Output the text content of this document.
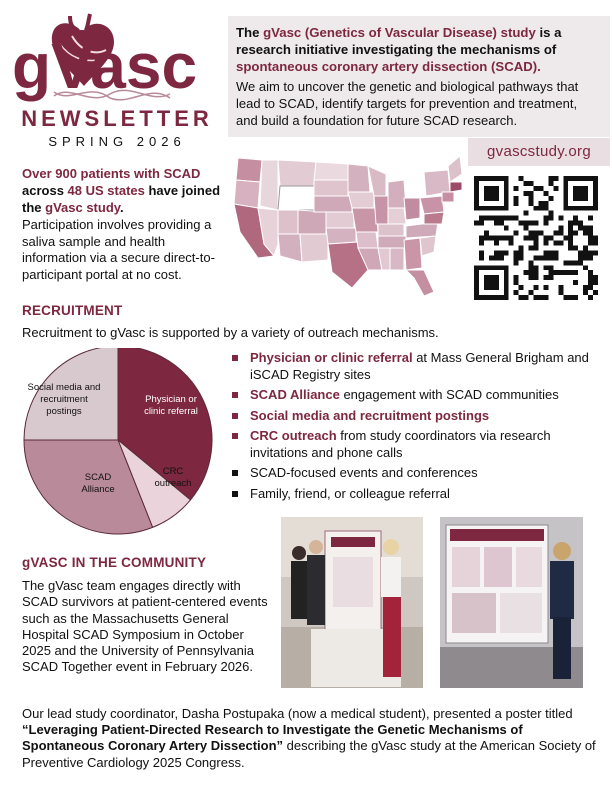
gVasc
NEWSLETTER
SPRING 2026
The gVasc (Genetics of Vascular Disease) study is a research initiative investigating the mechanisms of spontaneous coronary artery dissection (SCAD).
We aim to uncover the genetic and biological pathways that lead to SCAD, identify targets for prevention and treatment, and build a foundation for future SCAD research.
gvascstudy.org
Over 900 patients with SCAD across 48 US states have joined the gVasc study.
Participation involves providing a saliva sample and health information via a secure direct-to-participant portal at no cost.
RECRUITMENT
Recruitment to gVasc is supported by a variety of outreach mechanisms.
Physician or clinic referral
CRC outreach
SCAD Alliance
Social media and recruitment postings
Physician or clinic referral at Mass General Brigham and iSCAD Registry sites
SCAD Alliance engagement with SCAD communities
Social media and recruitment postings
CRC outreach from study coordinators via research invitations and phone calls
SCAD-focused events and conferences
Family, friend, or colleague referral
gVASC IN THE COMMUNITY
The gVasc team engages directly with SCAD survivors at patient-centered events such as the Massachusetts General Hospital SCAD Symposium in October 2025 and the University of Pennsylvania SCAD Together event in February 2026.
Our lead study coordinator, Dasha Postupaka (now a medical student), presented a poster titled “Leveraging Patient-Directed Research to Investigate the Genetic Mechanisms of Spontaneous Coronary Artery Dissection” describing the gVasc study at the American Society of Preventive Cardiology 2025 Congress.
